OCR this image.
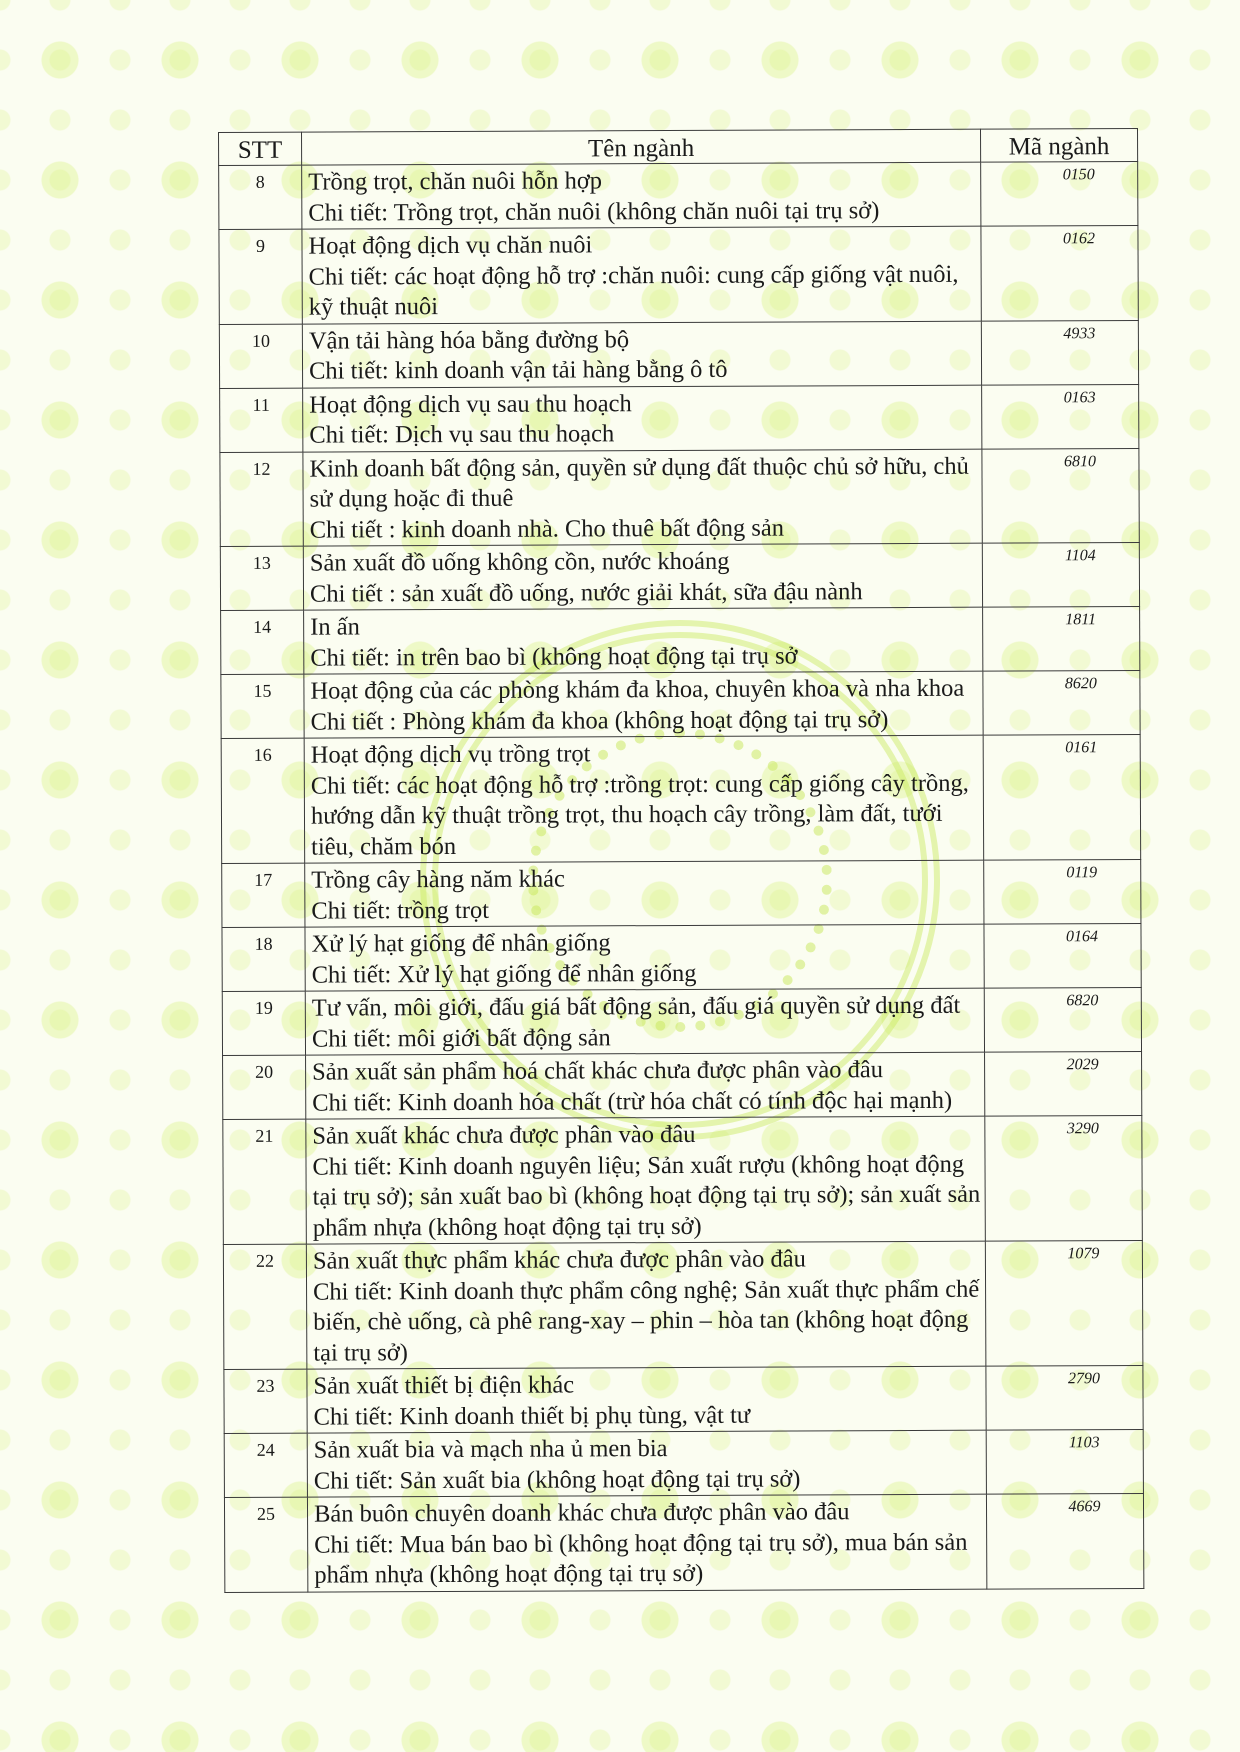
STT	Tên ngành	Mã ngành
8	Trồng trọt, chăn nuôi hỗn hợp
Chi tiết: Trồng trọt, chăn nuôi (không chăn nuôi tại trụ sở)	0150
9	Hoạt động dịch vụ chăn nuôi
Chi tiết: các hoạt động hỗ trợ :chăn nuôi: cung cấp giống vật nuôi, kỹ thuật nuôi	0162
10	Vận tải hàng hóa bằng đường bộ
Chi tiết: kinh doanh vận tải hàng bằng ô tô	4933
11	Hoạt động dịch vụ sau thu hoạch
Chi tiết: Dịch vụ sau thu hoạch	0163
12	Kinh doanh bất động sản, quyền sử dụng đất thuộc chủ sở hữu, chủ sử dụng hoặc đi thuê
Chi tiết : kinh doanh nhà. Cho thuê bất động sản	6810
13	Sản xuất đồ uống không cồn, nước khoáng
Chi tiết : sản xuất đồ uống, nước giải khát, sữa đậu nành	1104
14	In ấn
Chi tiết: in trên bao bì (không hoạt động tại trụ sở	1811
15	Hoạt động của các phòng khám đa khoa, chuyên khoa và nha khoa
Chi tiết : Phòng khám đa khoa (không hoạt động tại trụ sở)	8620
16	Hoạt động dịch vụ trồng trọt
Chi tiết: các hoạt động hỗ trợ :trồng trọt: cung cấp giống cây trồng, hướng dẫn kỹ thuật trồng trọt, thu hoạch cây trồng, làm đất, tưới tiêu, chăm bón	0161
17	Trồng cây hàng năm khác
Chi tiết: trồng trọt	0119
18	Xử lý hạt giống để nhân giống
Chi tiết: Xử lý hạt giống để nhân giống	0164
19	Tư vấn, môi giới, đấu giá bất động sản, đấu giá quyền sử dụng đất
Chi tiết: môi giới bất động sản	6820
20	Sản xuất sản phẩm hoá chất khác chưa được phân vào đâu
Chi tiết: Kinh doanh hóa chất (trừ hóa chất có tính độc hại mạnh)	2029
21	Sản xuất khác chưa được phân vào đâu
Chi tiết: Kinh doanh nguyên liệu; Sản xuất rượu (không hoạt động tại trụ sở); sản xuất bao bì (không hoạt động tại trụ sở); sản xuất sản phẩm nhựa (không hoạt động tại trụ sở)	3290
22	Sản xuất thực phẩm khác chưa được phân vào đâu
Chi tiết: Kinh doanh thực phẩm công nghệ; Sản xuất thực phẩm chế biến, chè uống, cà phê rang-xay – phin – hòa tan (không hoạt động tại trụ sở)	1079
23	Sản xuất thiết bị điện khác
Chi tiết: Kinh doanh thiết bị phụ tùng, vật tư	2790
24	Sản xuất bia và mạch nha ủ men bia
Chi tiết: Sản xuất bia (không hoạt động tại trụ sở)	1103
25	Bán buôn chuyên doanh khác chưa được phân vào đâu
Chi tiết: Mua bán bao bì (không hoạt động tại trụ sở), mua bán sản phẩm nhựa (không hoạt động tại trụ sở)	4669
